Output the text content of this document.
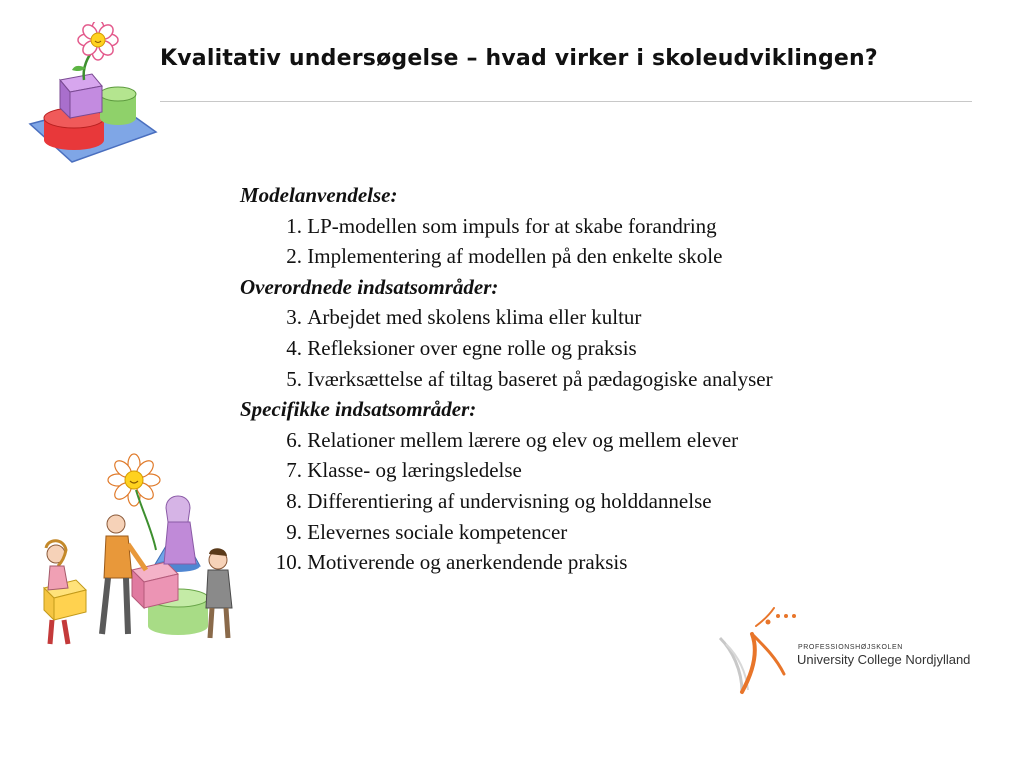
Kvalitativ undersøgelse – hvad virker i skoleudviklingen?
Modelanvendelse:
1.
LP-modellen som impuls for at skabe forandring
2.
Implementering af modellen på den enkelte skole
Overordnede indsatsområder:
3.
Arbejdet med skolens klima eller kultur
4.
Refleksioner over egne rolle og praksis
5.
Iværksættelse af tiltag baseret på pædagogiske analyser
Specifikke indsatsområder:
6.
Relationer mellem lærere og elev og mellem elever
7.
Klasse- og læringsledelse
8.
Differentiering af undervisning og holddannelse
9.
Elevernes sociale kompetencer
10.
Motiverende og anerkendende praksis
PROFESSIONSHØJSKOLEN
University College Nordjylland
